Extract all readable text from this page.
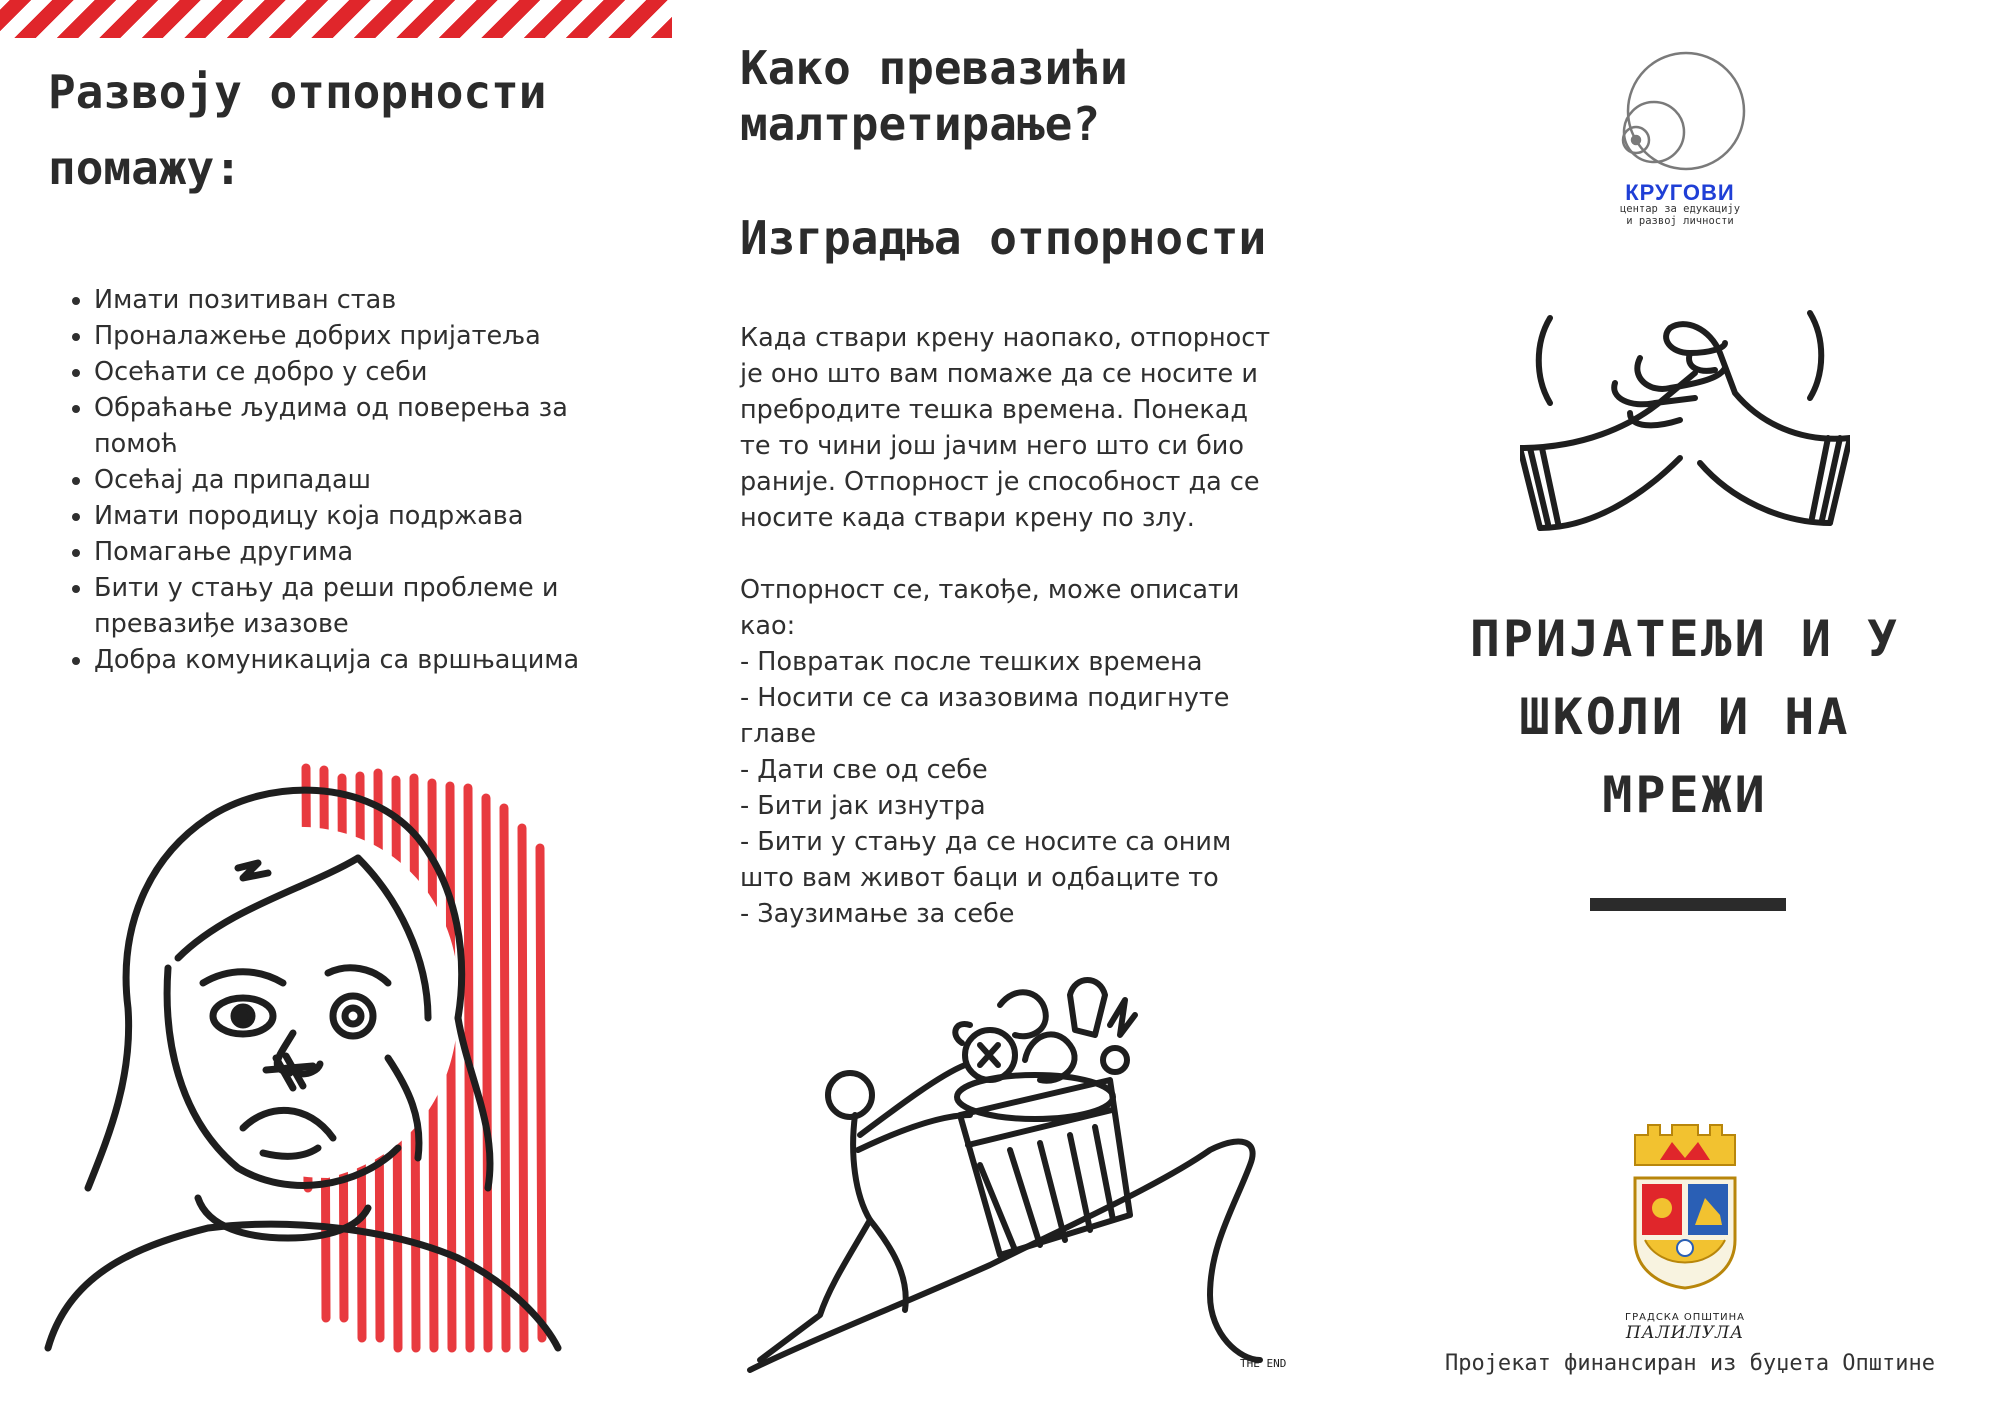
Развоју отпорности помажу:
• Имати позитиван став
• Проналажење добрих пријатеља
• Осећати се добро у себи
• Обраћање људима од поверења за помоћ
• Осећај да припадаш
• Имати породицу која подржава
• Помагање другима
• Бити у стању да реши проблеме и превазиђе изазове
• Добра комуникација са вршњацима
Како превазићи малтретирање?
Изградња отпорности
Када ствари крену наопако, отпорност је оно што вам помаже да се носите и пребродите тешка времена. Понекад те то чини још јачим него што си био раније. Отпорност је способност да се носите када ствари крену по злу.

Отпорност се, такође, може описати као:
- Повратак после тешких времена
- Носити се са изазовима подигнуте главе
- Дати све од себе
- Бити јак изнутра
- Бити у стању да се носите са оним што вам живот баци и одбаците то
- Заузимање за себе
THE END
КРУГОВИ
центар за едукацију
и развој личности
ПРИЈАТЕЉИ И У ШКОЛИ И НА МРЕЖИ
ГРАДСКА ОПШТИНА
ПАЛИЛУЛА
Пројекат финансиран из буџета Општине
